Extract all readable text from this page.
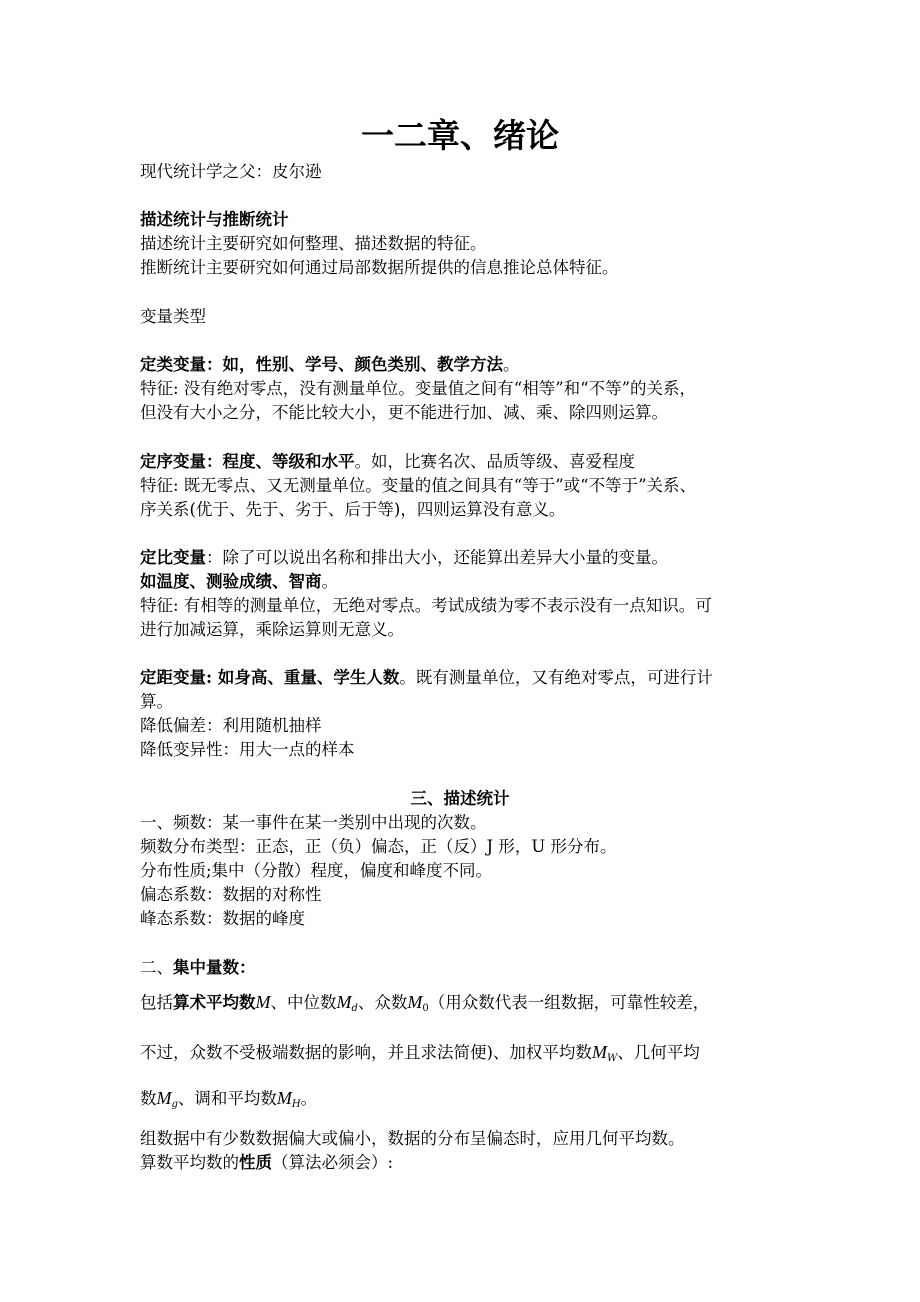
一二章、绪论
现代统计学之父：皮尔逊
描述统计与推断统计
描述统计主要研究如何整理、描述数据的特征。
推断统计主要研究如何通过局部数据所提供的信息推论总体特征。
变量类型
定类变量：如，性别、学号、颜色类别、教学方法。
特征: 没有绝对零点，没有测量单位。变量值之间有“相等”和“不等”的关系，
但没有大小之分，不能比较大小，更不能进行加、减、乘、除四则运算。
定序变量：程度、等级和水平。如，比赛名次、品质等级、喜爱程度
特征: 既无零点、又无测量单位。变量的值之间具有“等于”或“不等于”关系、
序关系(优于、先于、劣于、后于等)，四则运算没有意义。
定比变量：除了可以说出名称和排出大小，还能算出差异大小量的变量。
如温度、测验成绩、智商。
特征: 有相等的测量单位，无绝对零点。考试成绩为零不表示没有一点知识。可
进行加减运算，乘除运算则无意义。
定距变量: 如身高、重量、学生人数。既有测量单位，又有绝对零点，可进行计
算。
降低偏差：利用随机抽样
降低变异性：用大一点的样本
三、描述统计
一、频数：某一事件在某一类别中出现的次数。
频数分布类型：正态，正（负）偏态，正（反）J 形，U 形分布。
分布性质;集中（分散）程度，偏度和峰度不同。
偏态系数：数据的对称性
峰态系数：数据的峰度
二、集中量数：
包括算术平均数M、中位数$M_d$、众数$M_0$（用众数代表一组数据，可靠性较差，
不过，众数不受极端数据的影响，并且求法简便)、加权平均数$M_W$、几何平均
数$M_g$、调和平均数$M_H$。
组数据中有少数数据偏大或偏小，数据的分布呈偏态时，应用几何平均数。
算数平均数的性质（算法必须会）:
